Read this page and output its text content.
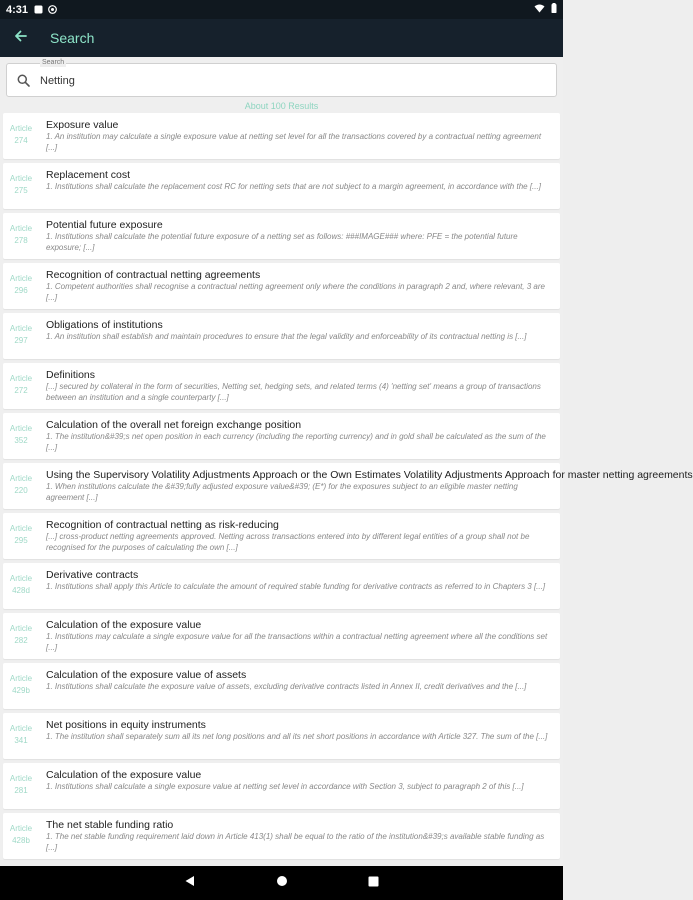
4:31
Search
Search
Netting
About 100 Results
Article
274
Exposure value
1. An institution may calculate a single exposure value at netting set level for all the transactions covered by a contractual netting agreement [...]
Article
275
Replacement cost
1. Institutions shall calculate the replacement cost RC for netting sets that are not subject to a margin agreement, in accordance with the [...]
Article
278
Potential future exposure
1. Institutions shall calculate the potential future exposure of a netting set as follows: ###IMAGE### where: PFE = the potential future exposure; [...]
Article
296
Recognition of contractual netting agreements
1. Competent authorities shall recognise a contractual netting agreement only where the conditions in paragraph 2 and, where relevant, 3 are [...]
Article
297
Obligations of institutions
1. An institution shall establish and maintain procedures to ensure that the legal validity and enforceability of its contractual netting is [...]
Article
272
Definitions
[...] secured by collateral in the form of securities, Netting set, hedging sets, and related terms (4) 'netting set' means a group of transactions between an institution and a single counterparty [...]
Article
352
Calculation of the overall net foreign exchange position
1. The institution&#39;s net open position in each currency (including the reporting currency) and in gold shall be calculated as the sum of the [...]
Article
220
Using the Supervisory Volatility Adjustments Approach or the Own Estimates Volatility Adjustments Approach for master netting agreements
1. When institutions calculate the &#39;fully adjusted exposure value&#39; (E*) for the exposures subject to an eligible master netting agreement [...]
Article
295
Recognition of contractual netting as risk-reducing
[...] cross-product netting agreements approved. Netting across transactions entered into by different legal entities of a group shall not be recognised for the purposes of calculating the own [...]
Article
428d
Derivative contracts
1. Institutions shall apply this Article to calculate the amount of required stable funding for derivative contracts as referred to in Chapters 3 [...]
Article
282
Calculation of the exposure value
1. Institutions may calculate a single exposure value for all the transactions within a contractual netting agreement where all the conditions set [...]
Article
429b
Calculation of the exposure value of assets
1. Institutions shall calculate the exposure value of assets, excluding derivative contracts listed in Annex II, credit derivatives and the [...]
Article
341
Net positions in equity instruments
1. The institution shall separately sum all its net long positions and all its net short positions in accordance with Article 327. The sum of the [...]
Article
281
Calculation of the exposure value
1. Institutions shall calculate a single exposure value at netting set level in accordance with Section 3, subject to paragraph 2 of this [...]
Article
428b
The net stable funding ratio
1. The net stable funding requirement laid down in Article 413(1) shall be equal to the ratio of the institution&#39;s available stable funding as [...]
